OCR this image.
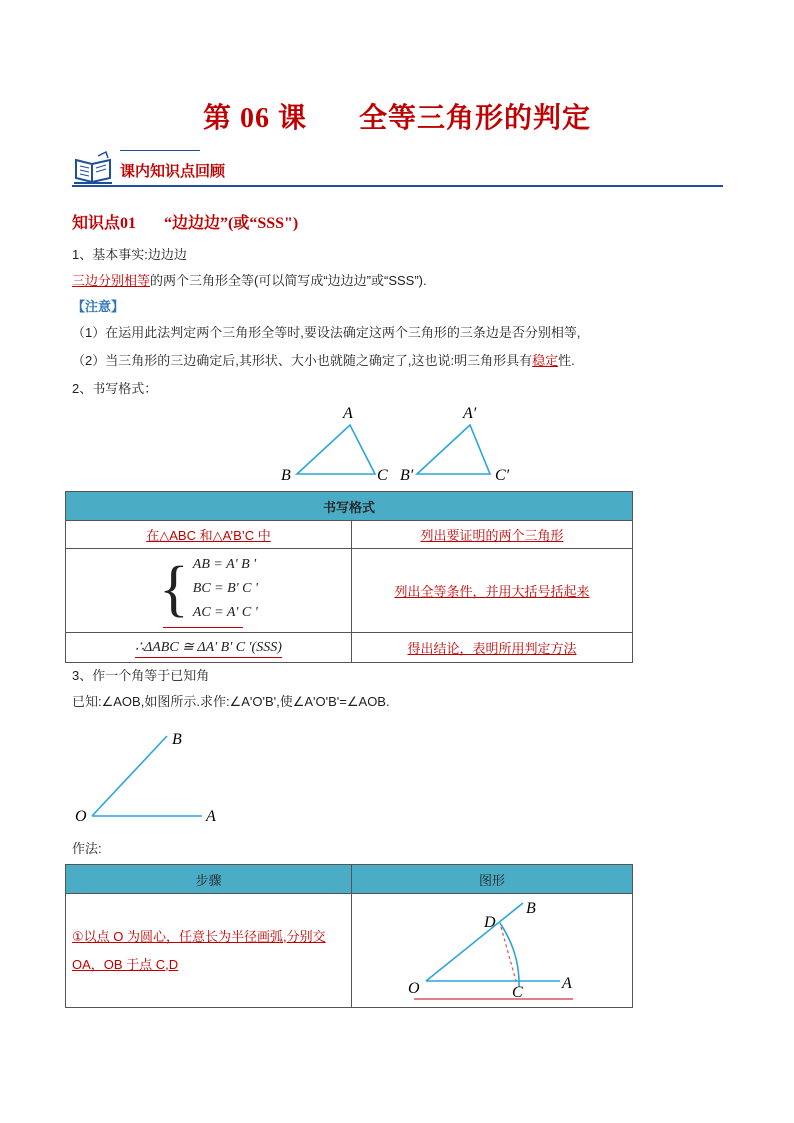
第 06 课 全等三角形的判定
课内知识点回顾
知识点01 “边边边”(或“SSS")
1、基本事实:边边边
三边分别相等的两个三角形全等(可以简写成“边边边”或“SSS”).
【注意】
（1）在运用此法判定两个三角形全等时,要设法确定这两个三角形的三条边是否分别相等,
（2）当三角形的三边确定后,其形状、大小也就随之确定了,这也说:明三角形具有稳定性.
2、书写格式：
A
B	C
A′
B′	C′
书写格式	
在△ABC 和△A’B’C 中	列出要证明的两个三角形

{ AB = A' B '
BC = B' C '
AC = A' C '	列出全等条件，并用大括号括起来
∴ΔABC ≅ ΔA' B' C '(SSS)	得出结论，表明所用判定方法
3、作一个角等于已知角
已知:∠AOB,如图所示.求作:∠A'O'B',使∠A'O'B'=∠AOB.
B
O	A
作法:
步骤	图形
①以点 O 为圆心，任意长为半径画弧,分别交
OA，OB 于点 C,D	D
B
O C
A
